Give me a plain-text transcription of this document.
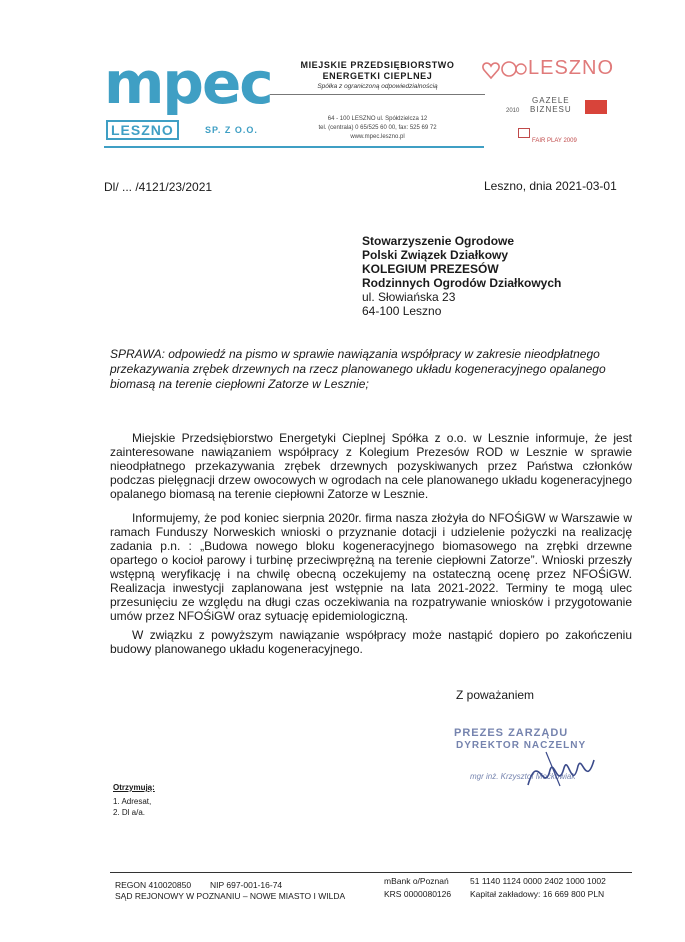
mpec
LESZNO	SP. Z O.O.
MIEJSKIE PRZEDSIĘBIORSTWO
ENERGETKI CIEPLNEJ
Spółka z ograniczoną odpowiedzialnością
64 - 100 LESZNO ul. Spółdzielcza 12
tel. (centrala) 0 65/525 60 00, fax: 525 69 72
www.mpec.leszno.pl
LESZNO
2010
GAZELE
BIZNESU
FAIR PLAY 2009
Dl/ ... /4121/23/2021	Leszno, dnia 2021-03-01
Stowarzyszenie Ogrodowe
Polski Związek Działkowy
KOLEGIUM PREZESÓW
Rodzinnych Ogrodów Działkowych
ul. Słowiańska 23
64-100 Leszno
SPRAWA: odpowiedź na pismo w sprawie nawiązania współpracy w zakresie nieodpłatnego przekazywania zrębek drzewnych na rzecz planowanego układu kogeneracyjnego opalanego biomasą na terenie ciepłowni Zatorze w Lesznie;
Miejskie Przedsiębiorstwo Energetyki Cieplnej Spółka z o.o. w Lesznie informuje, że jest zainteresowane nawiązaniem współpracy z Kolegium Prezesów ROD w Lesznie w sprawie nieodpłatnego przekazywania zrębek drzewnych pozyskiwanych przez Państwa członków podczas pielęgnacji drzew owocowych w ogrodach na cele planowanego układu kogeneracyjnego opalanego biomasą na terenie ciepłowni Zatorze w Lesznie.
Informujemy, że pod koniec sierpnia 2020r. firma nasza złożyła do NFOŚiGW w Warszawie w ramach Funduszy Norweskich wnioski o przyznanie dotacji i udzielenie pożyczki na realizację zadania p.n. : „Budowa nowego bloku kogeneracyjnego biomasowego na zrębki drzewne opartego o kocioł parowy i turbinę przeciwprężną na terenie ciepłowni Zatorze”. Wnioski przeszły wstępną weryfikację i na chwilę obecną oczekujemy na ostateczną ocenę przez NFOŚiGW. Realizacja inwestycji zaplanowana jest wstępnie na lata 2021-2022. Terminy te mogą ulec przesunięciu ze względu na długi czas oczekiwania na rozpatrywanie wniosków i przygotowanie umów przez NFOŚiGW oraz sytuację epidemiologiczną.
W związku z powyższym nawiązanie współpracy może nastąpić dopiero po zakończeniu budowy planowanego układu kogeneracyjnego.
Z poważaniem
PREZES ZARZĄDU
DYREKTOR NACZELNY
mgr inż. Krzysztof Moćkowiak
Otrzymują:
1. Adresat,
2. Dl a/a.
REGON 410020850 NIP 697-001-16-74
SĄD REJONOWY W POZNANIU – NOWE MIASTO I WILDA
mBank o/Poznań	51 1140 1124 0000 2402 1000 1002
KRS 0000080126 Kapitał zakładowy: 16 669 800 PLN
